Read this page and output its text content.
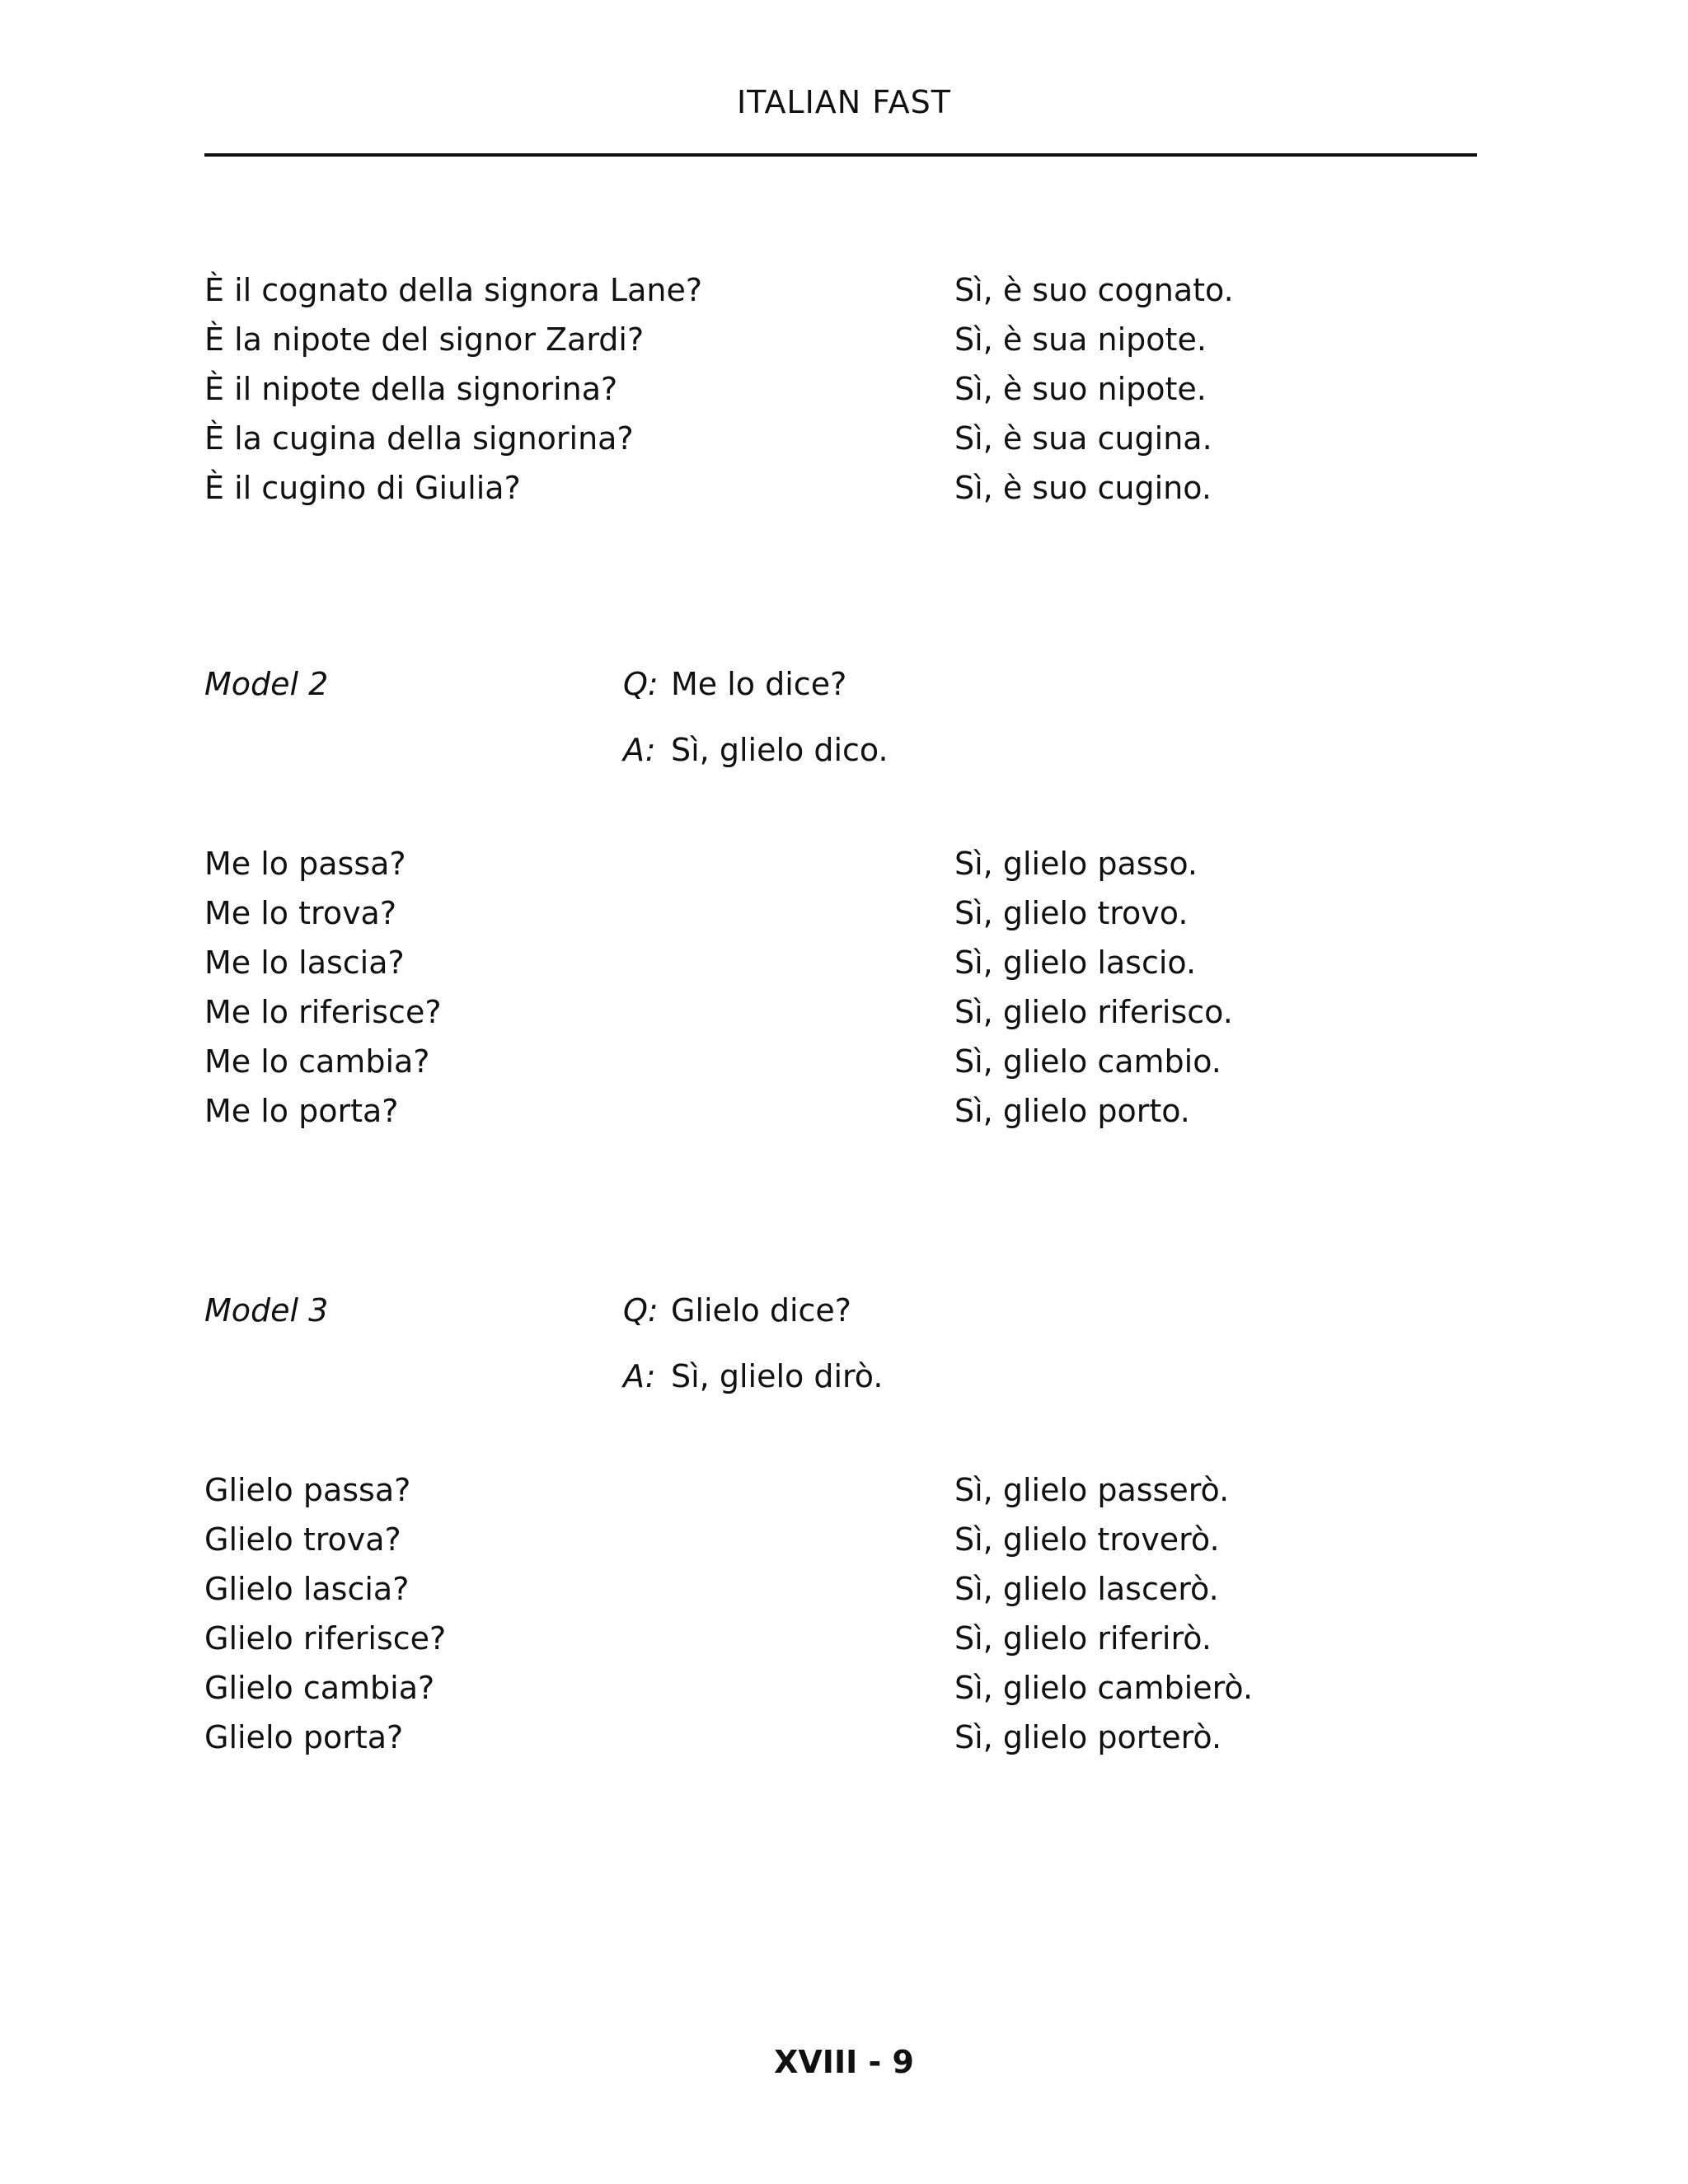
ITALIAN FAST
È il cognato della signora Lane?	Sì, è suo cognato.
È la nipote del signor Zardi?	Sì, è sua nipote.
È il nipote della signorina?	Sì, è suo nipote.
È la cugina della signorina?	Sì, è sua cugina.
È il cugino di Giulia?	Sì, è suo cugino.
Model 2	Q: Me lo dice?
A: Sì, glielo dico.
Me lo passa?	Sì, glielo passo.
Me lo trova?	Sì, glielo trovo.
Me lo lascia?	Sì, glielo lascio.
Me lo riferisce?	Sì, glielo riferisco.
Me lo cambia?	Sì, glielo cambio.
Me lo porta?	Sì, glielo porto.
Model 3	Q: Glielo dice?
A: Sì, glielo dirò.
Glielo passa?	Sì, glielo passerò.
Glielo trova?	Sì, glielo troverò.
Glielo lascia?	Sì, glielo lascerò.
Glielo riferisce?	Sì, glielo riferirò.
Glielo cambia?	Sì, glielo cambierò.
Glielo porta?	Sì, glielo porterò.
XVIII - 9
